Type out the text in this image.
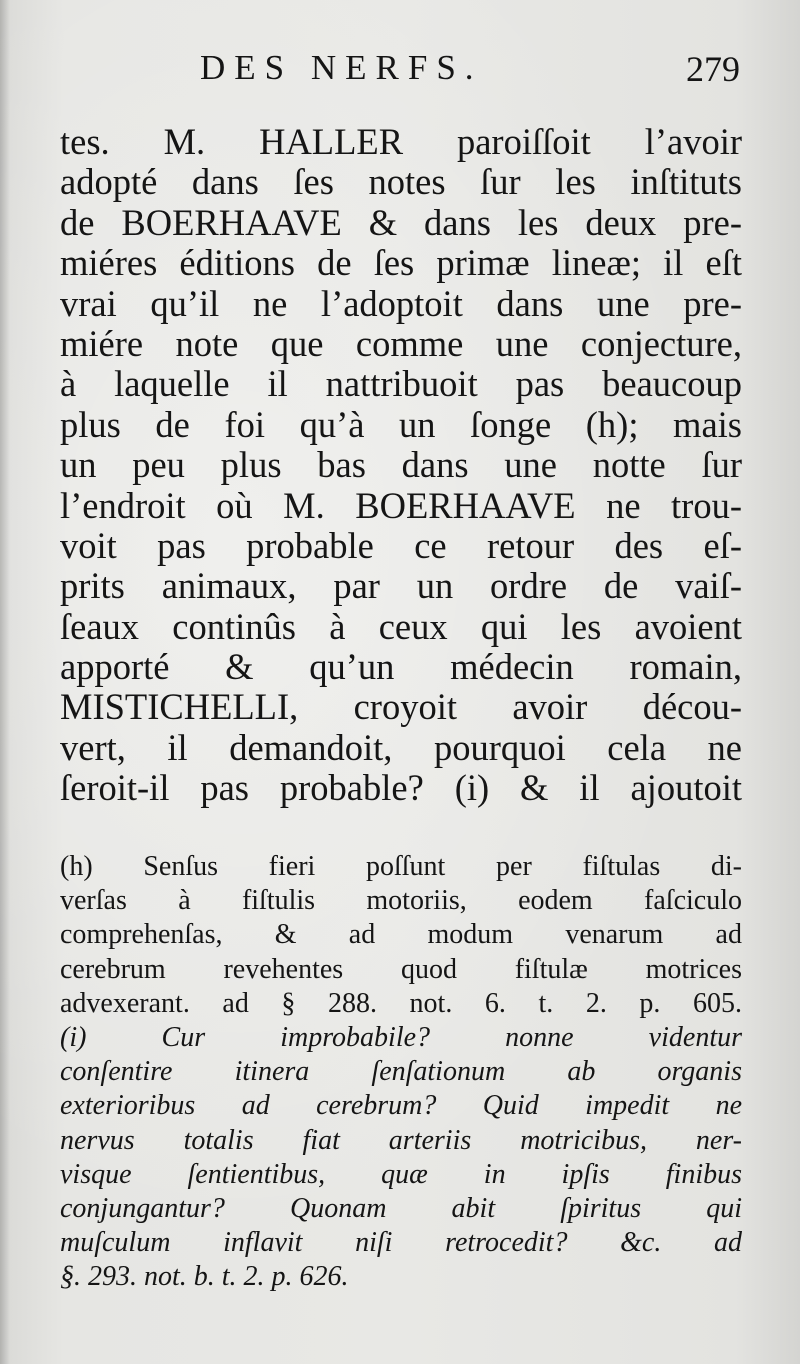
DES NERFS.	279
tes. M. HALLER paroiſſoit l’avoir
adopté dans ſes notes ſur les inſtituts
de BOERHAAVE & dans les deux pre-
miéres éditions de ſes primæ lineæ; il eſt
vrai qu’il ne l’adoptoit dans une pre-
miére note que comme une conjecture,
à laquelle il nattribuoit pas beaucoup
plus de foi qu’à un ſonge (h); mais
un peu plus bas dans une notte ſur
l’endroit où M. BOERHAAVE ne trou-
voit pas probable ce retour des eſ-
prits animaux, par un ordre de vaiſ-
ſeaux continûs à ceux qui les avoient
apporté & qu’un médecin romain,
MISTICHELLI, croyoit avoir décou-
vert, il demandoit, pourquoi cela ne
ſeroit-il pas probable? (i) & il ajoutoit
(h) Senſus fieri poſſunt per fiſtulas di-
verſas à fiſtulis motoriis, eodem faſciculo
comprehenſas, & ad modum venarum ad
cerebrum revehentes quod fiſtulæ motrices
advexerant. ad § 288. not. 6. t. 2. p. 605.
(i) Cur improbabile? nonne videntur
conſentire itinera ſenſationum ab organis
exterioribus ad cerebrum? Quid impedit ne
nervus totalis fiat arteriis motricibus, ner-
visque ſentientibus, quæ in ipſis finibus
conjungantur? Quonam abit ſpiritus qui
muſculum inflavit niſi retrocedit? &c. ad
§. 293. not. b. t. 2. p. 626.
